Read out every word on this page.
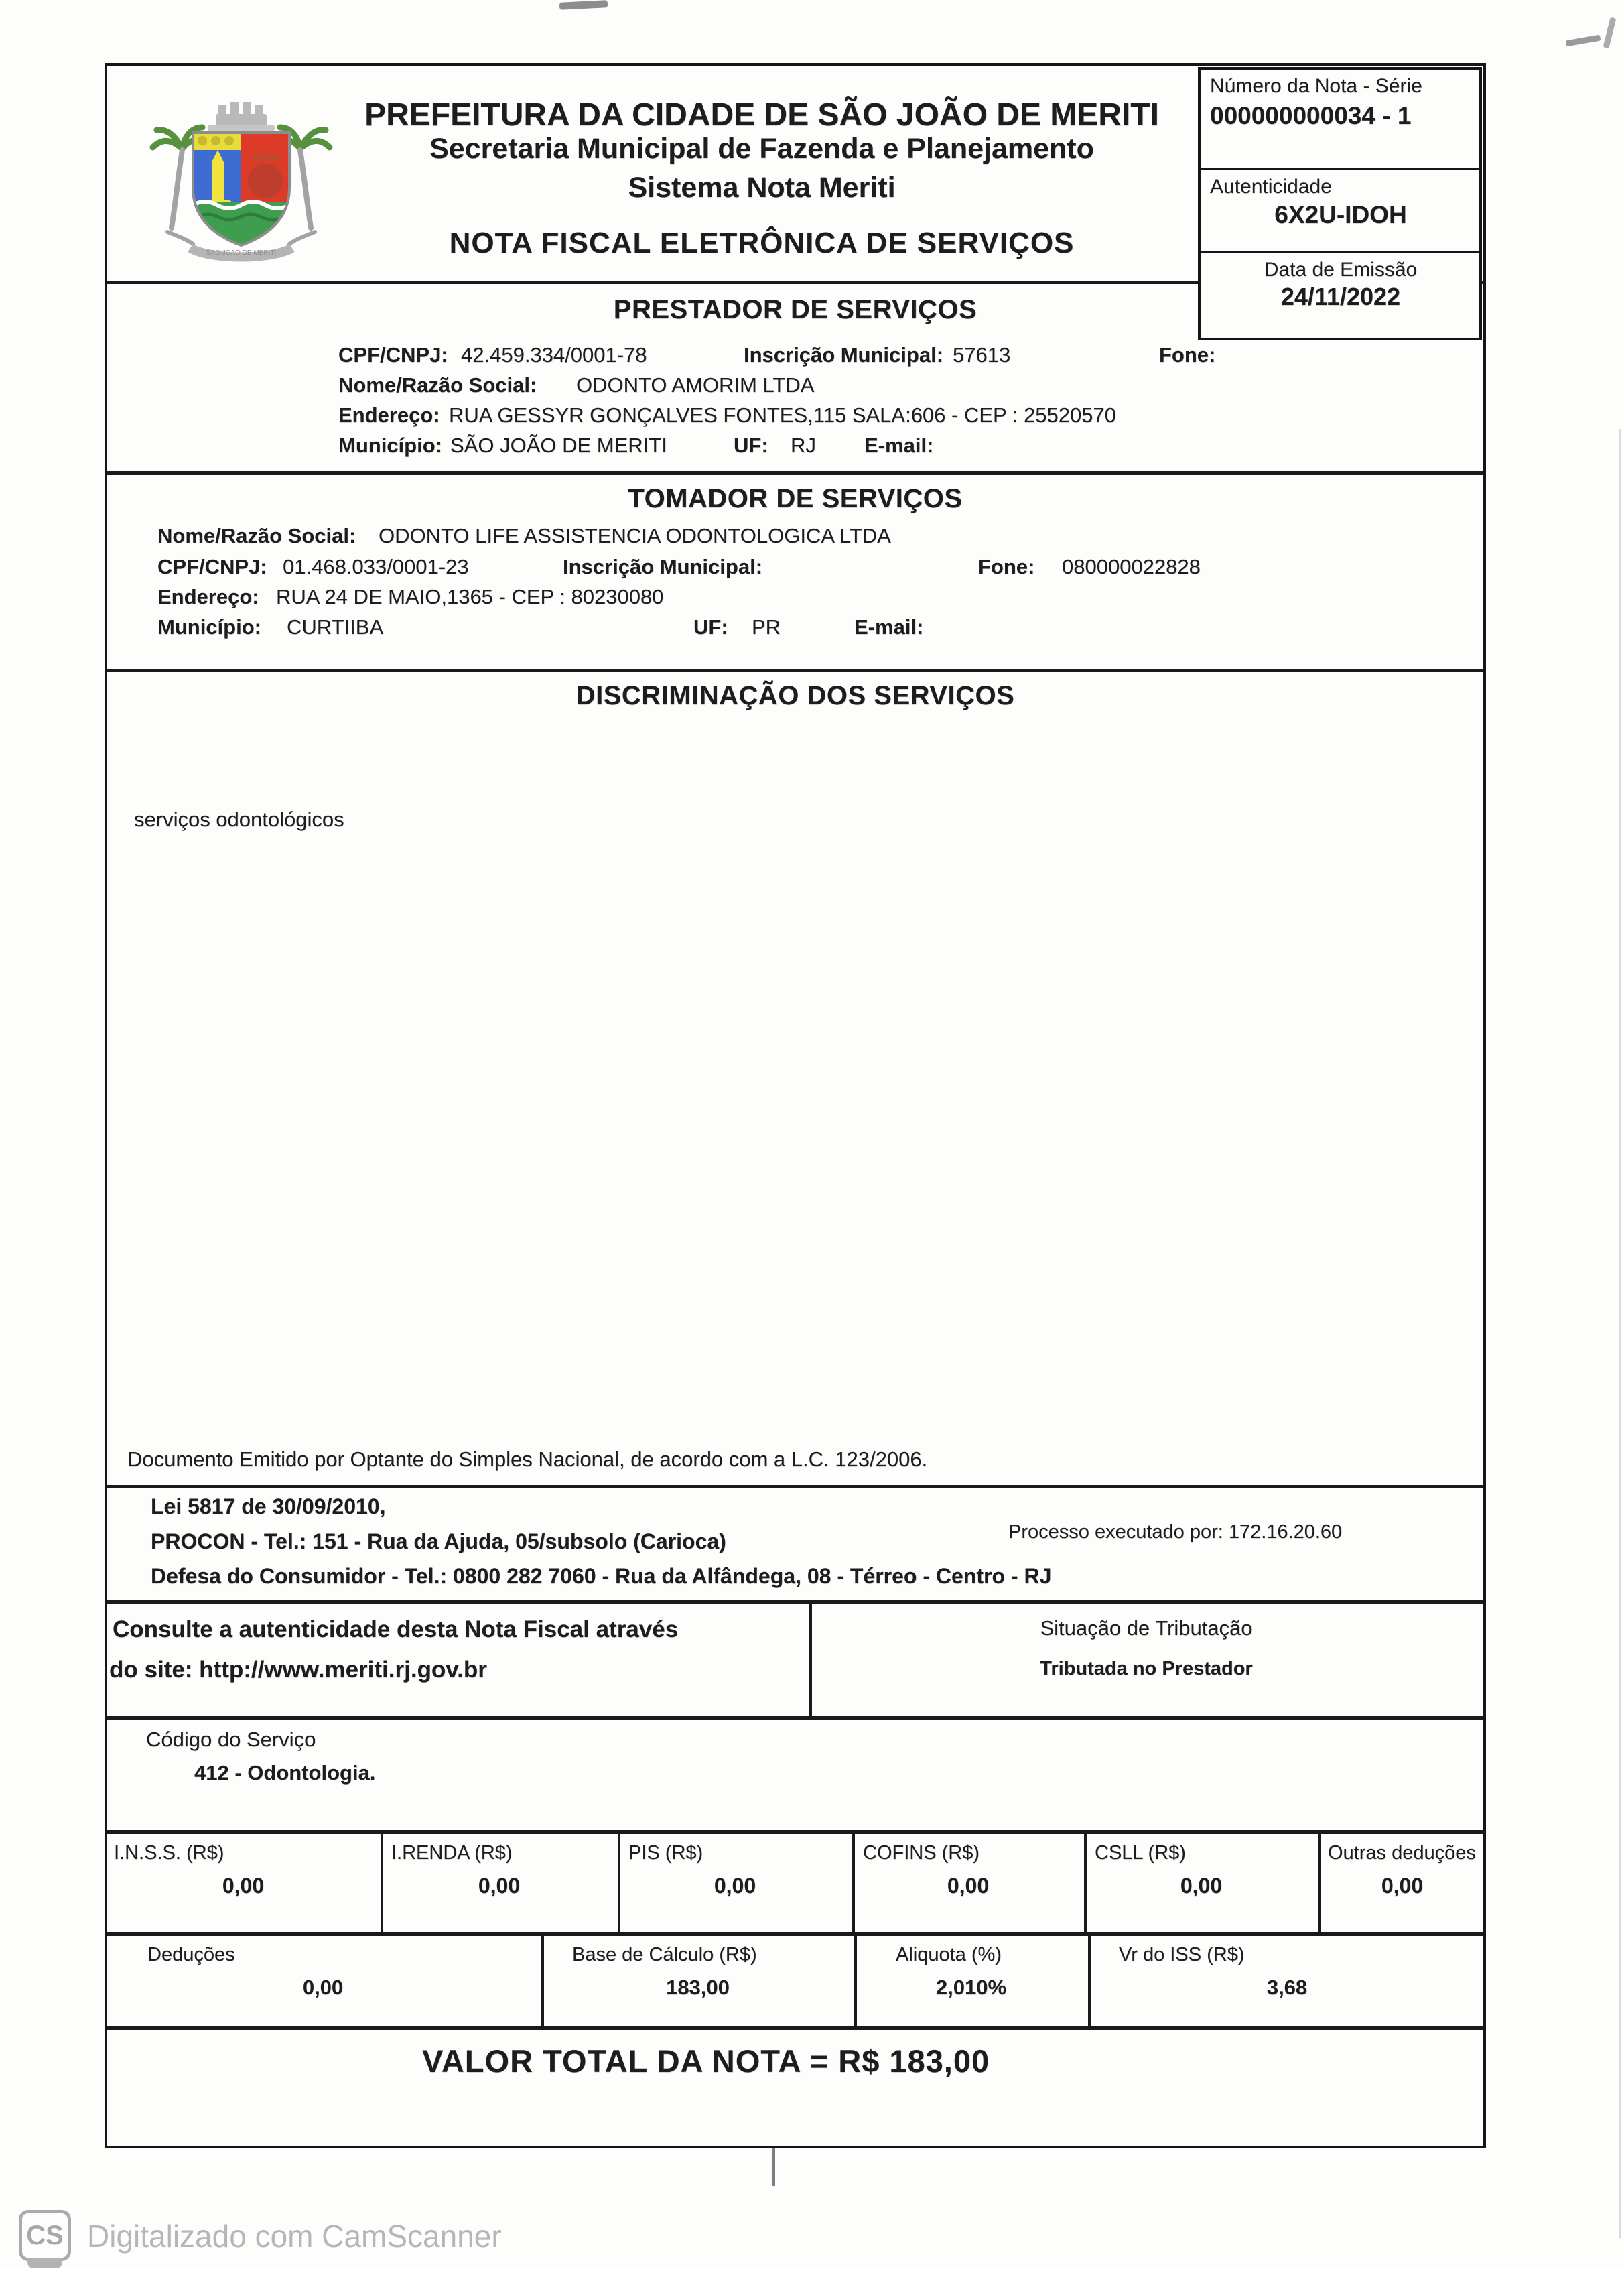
SÃO JOÃO DE MERITI
PREFEITURA DA CIDADE DE SÃO JOÃO DE MERITI
Secretaria Municipal de Fazenda e Planejamento
Sistema Nota Meriti
NOTA FISCAL ELETRÔNICA DE SERVIÇOS
Número da Nota - Série
000000000034 - 1
Autenticidade
6X2U-IDOH
Data de Emissão
24/11/2022
PRESTADOR DE SERVIÇOS
CPF/CNPJ: 42.459.334/0001-78	Inscrição Municipal: 57613	Fone:
Nome/Razão Social: ODONTO AMORIM LTDA
Endereço: RUA GESSYR GONÇALVES FONTES,115 SALA:606 - CEP : 25520570
Município: SÃO JOÃO DE MERITI	UF: RJ E-mail:
TOMADOR DE SERVIÇOS
Nome/Razão Social: ODONTO LIFE ASSISTENCIA ODONTOLOGICA LTDA
CPF/CNPJ: 01.468.033/0001-23	Inscrição Municipal:	Fone: 080000022828
Endereço: RUA 24 DE MAIO,1365 - CEP : 80230080
Município: CURTIIBA	UF: PR	E-mail:
DISCRIMINAÇÃO DOS SERVIÇOS
serviços odontológicos
Documento Emitido por Optante do Simples Nacional, de acordo com a L.C. 123/2006.
Lei 5817 de 30/09/2010,
PROCON - Tel.: 151 - Rua da Ajuda, 05/subsolo (Carioca)	Processo executado por: 172.16.20.60
Defesa do Consumidor - Tel.: 0800 282 7060 - Rua da Alfândega, 08 - Térreo - Centro - RJ
Consulte a autenticidade desta Nota Fiscal através
do site: http://www.meriti.rj.gov.br
Situação de Tributação
Tributada no Prestador
Código do Serviço
412 - Odontologia.
I.N.S.S. (R$)
0,00
I.RENDA (R$)
0,00
PIS (R$)
0,00
COFINS (R$)
0,00
CSLL (R$)
0,00
Outras deduções
0,00
Deduções
0,00
Base de Cálculo (R$)
183,00
Aliquota (%)
2,010%
Vr do ISS (R$)
3,68
VALOR TOTAL DA NOTA = R$ 183,00
CS Digitalizado com CamScanner
